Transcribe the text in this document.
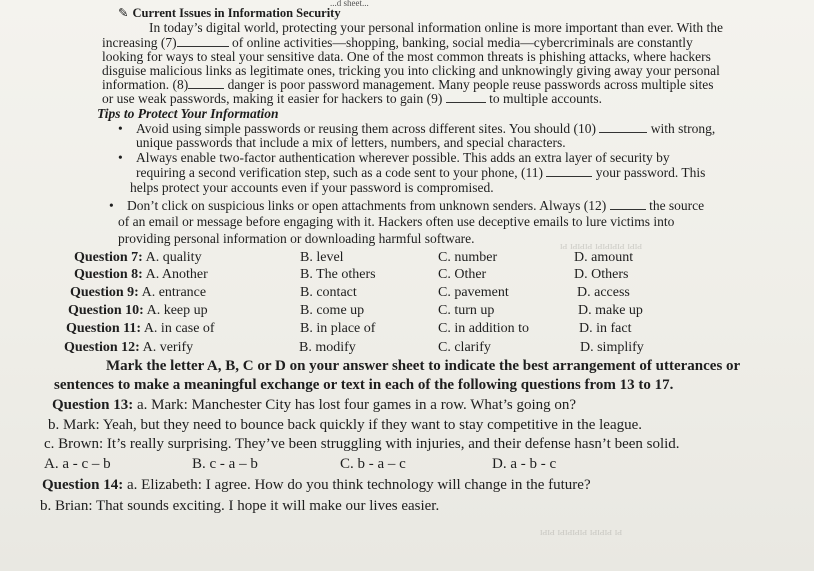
...d sheet...
ыы ыыыы ыыы ы
✎ Current Issues in Information Security
In today’s digital world, protecting your personal information online is more important than ever. With the
increasing (7)	of online activities—shopping, banking, social media—cybercriminals are constantly
looking for ways to steal your sensitive data. One of the most common threats is phishing attacks, where hackers
disguise malicious links as legitimate ones, tricking you into clicking and unknowingly giving away your personal
information. (8)	danger is poor password management. Many people reuse passwords across multiple sites
or use weak passwords, making it easier for hackers to gain (9)	to multiple accounts.
Tips to Protect Your Information
• Avoid using simple passwords or reusing them across different sites. You should (10)	with strong,
unique passwords that include a mix of letters, numbers, and special characters.
• Always enable two-factor authentication wherever possible. This adds an extra layer of security by
requiring a second verification step, such as a code sent to your phone, (11)	your password. This
helps protect your accounts even if your password is compromised.
• Don’t click on suspicious links or open attachments from unknown senders. Always (12)	the source
of an email or message before engaging with it. Hackers often use deceptive emails to lure victims into
providing personal information or downloading harmful software.
Question 7: A. quality	B. level	C. number	D. amount
Question 8: A. Another	B. The others	C. Other	D. Others
Question 9: A. entrance	B. contact	C. pavement	D. access
Question 10: A. keep up	B. come up	C. turn up	D. make up
Question 11: A. in case of	B. in place of	C. in addition to	D. in fact
Question 12: A. verify	B. modify	C. clarify	D. simplify
Mark the letter A, B, C or D on your answer sheet to indicate the best arrangement of utterances or
sentences to make a meaningful exchange or text in each of the following questions from 13 to 17.
Question 13: a. Mark: Manchester City has lost four games in a row. What’s going on?
b. Mark: Yeah, but they need to bounce back quickly if they want to stay competitive in the league.
c. Brown: It’s really surprising. They’ve been struggling with injuries, and their defense hasn’t been solid.
A. a - c – b	B. c - a – b	C. b - a – c	D. a - b - c
Question 14: a. Elizabeth: I agree. How do you think technology will change in the future?
b. Brian: That sounds exciting. I hope it will make our lives easier.
ы ыыы ыыыы ыы
